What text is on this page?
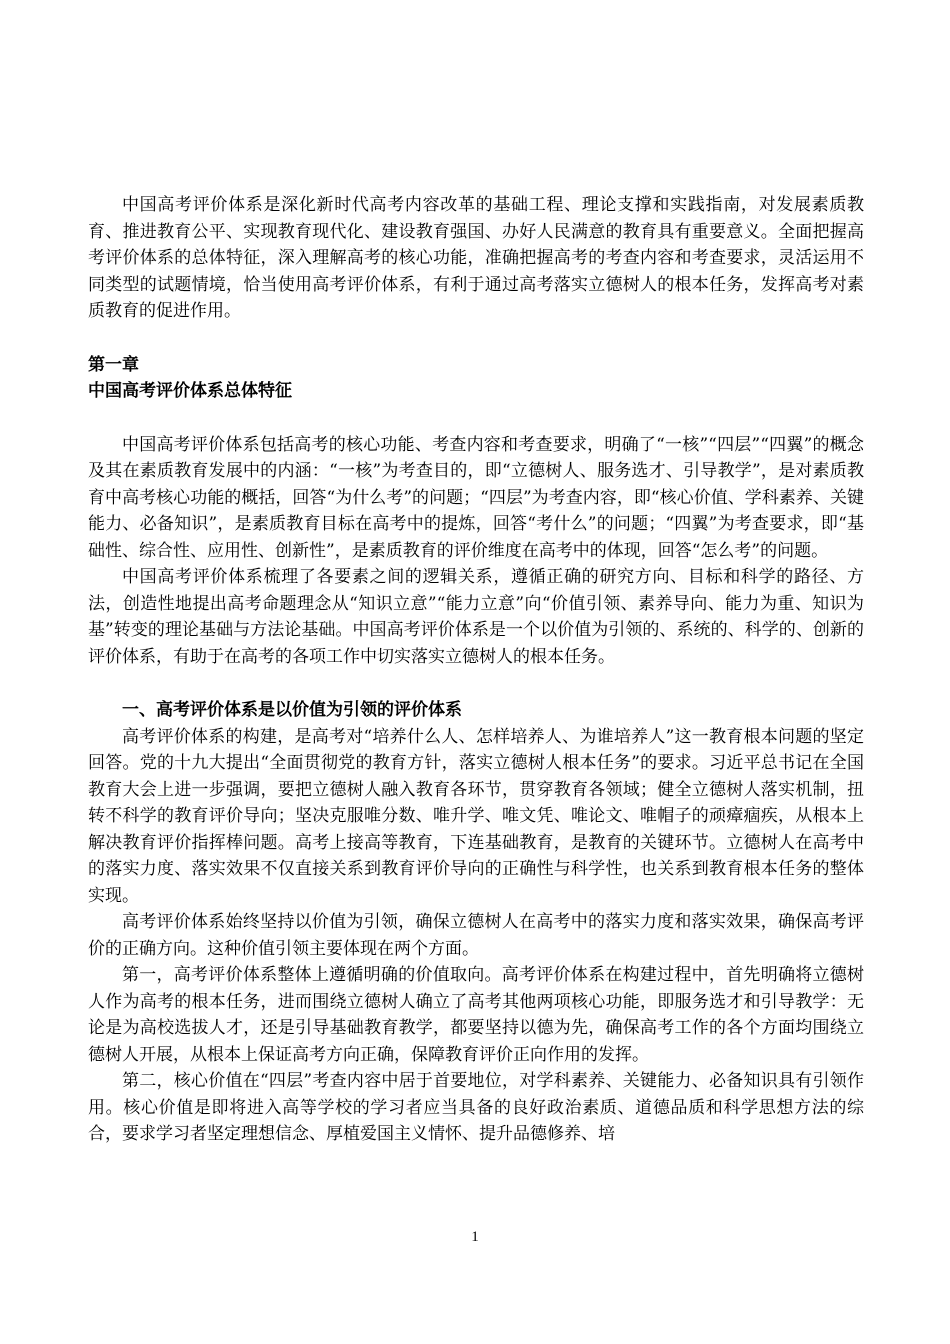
中国高考评价体系是深化新时代高考内容改革的基础工程、理论支撑和实践指南，对发展素质教育、推进教育公平、实现教育现代化、建设教育强国、办好人民满意的教育具有重要意义。全面把握高考评价体系的总体特征，深入理解高考的核心功能，准确把握高考的考查内容和考查要求，灵活运用不同类型的试题情境，恰当使用高考评价体系，有利于通过高考落实立德树人的根本任务，发挥高考对素质教育的促进作用。

第一章
中国高考评价体系总体特征

中国高考评价体系包括高考的核心功能、考查内容和考查要求，明确了“一核”“四层”“四翼”的概念及其在素质教育发展中的内涵：“一核”为考查目的，即“立德树人、服务选才、引导教学”，是对素质教育中高考核心功能的概括，回答“为什么考”的问题；“四层”为考查内容，即“核心价值、学科素养、关键能力、必备知识”，是素质教育目标在高考中的提炼，回答“考什么”的问题；“四翼”为考查要求，即“基础性、综合性、应用性、创新性”，是素质教育的评价维度在高考中的体现，回答“怎么考”的问题。

中国高考评价体系梳理了各要素之间的逻辑关系，遵循正确的研究方向、目标和科学的路径、方法，创造性地提出高考命题理念从“知识立意”“能力立意”向“价值引领、素养导向、能力为重、知识为基”转变的理论基础与方法论基础。中国高考评价体系是一个以价值为引领的、系统的、科学的、创新的评价体系，有助于在高考的各项工作中切实落实立德树人的根本任务。

一、高考评价体系是以价值为引领的评价体系

高考评价体系的构建，是高考对“培养什么人、怎样培养人、为谁培养人”这一教育根本问题的坚定回答。党的十九大提出“全面贯彻党的教育方针，落实立德树人根本任务”的要求。习近平总书记在全国教育大会上进一步强调，要把立德树人融入教育各环节，贯穿教育各领域；健全立德树人落实机制，扭转不科学的教育评价导向；坚决克服唯分数、唯升学、唯文凭、唯论文、唯帽子的顽瘴痼疾，从根本上解决教育评价指挥棒问题。高考上接高等教育，下连基础教育，是教育的关键环节。立德树人在高考中的落实力度、落实效果不仅直接关系到教育评价导向的正确性与科学性，也关系到教育根本任务的整体实现。

高考评价体系始终坚持以价值为引领，确保立德树人在高考中的落实力度和落实效果，确保高考评价的正确方向。这种价值引领主要体现在两个方面。

第一，高考评价体系整体上遵循明确的价值取向。高考评价体系在构建过程中，首先明确将立德树人作为高考的根本任务，进而围绕立德树人确立了高考其他两项核心功能，即服务选才和引导教学：无论是为高校选拔人才，还是引导基础教育教学，都要坚持以德为先，确保高考工作的各个方面均围绕立德树人开展，从根本上保证高考方向正确，保障教育评价正向作用的发挥。

第二，核心价值在“四层”考查内容中居于首要地位，对学科素养、关键能力、必备知识具有引领作用。核心价值是即将进入高等学校的学习者应当具备的良好政治素质、道德品质和科学思想方法的综合，要求学习者坚定理想信念、厚植爱国主义情怀、提升品德修养、培

1
